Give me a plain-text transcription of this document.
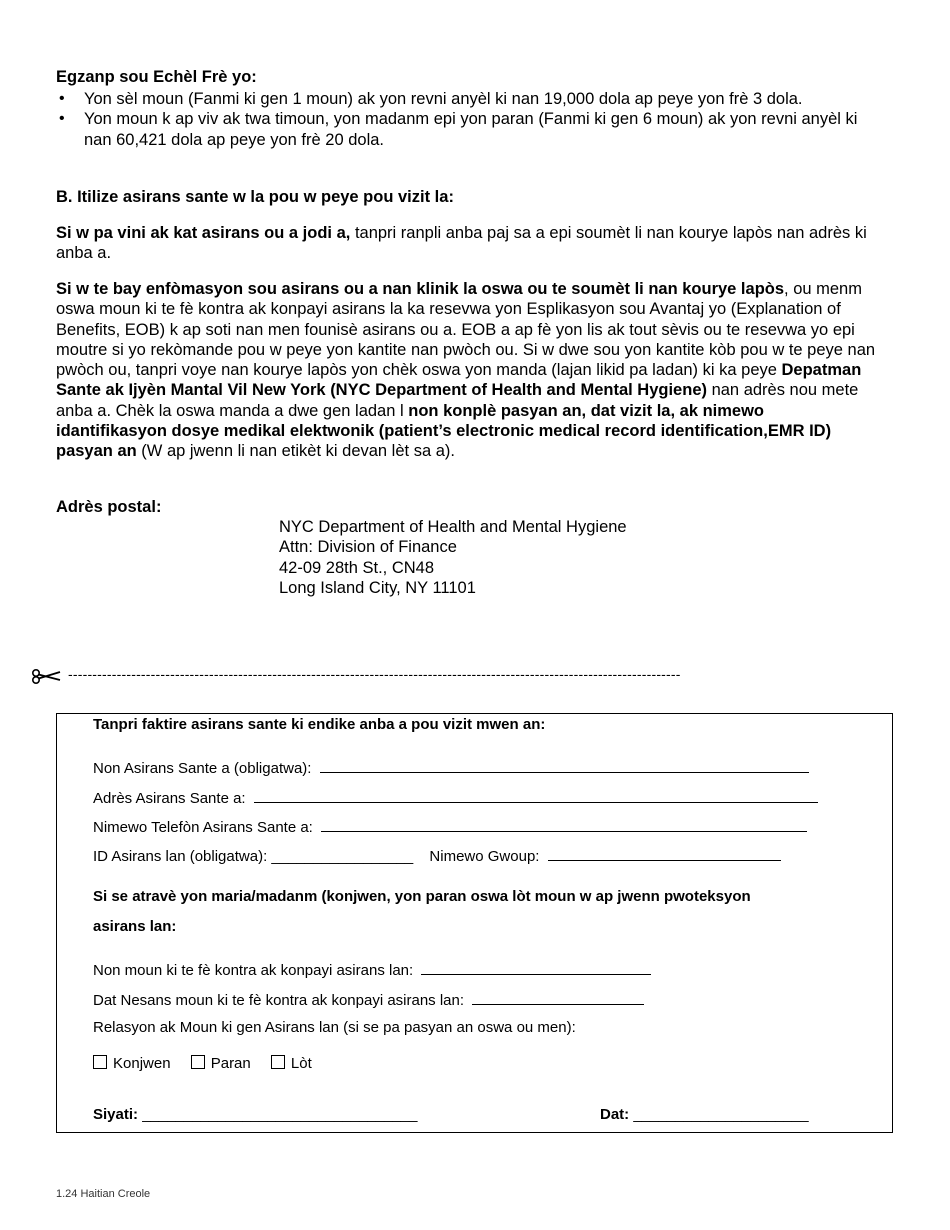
Egzanp sou Echèl Frè yo:
• Yon sèl moun (Fanmi ki gen 1 moun) ak yon revni anyèl ki nan 19,000 dola ap peye yon frè 3 dola.
• Yon moun k ap viv ak twa timoun, yon madanm epi yon paran (Fanmi ki gen 6 moun) ak yon revni anyèl ki nan 60,421 dola ap peye yon frè 20 dola.
B. Itilize asirans sante w la pou w peye pou vizit la:

Si w pa vini ak kat asirans ou a jodi a, tanpri ranpli anba paj sa a epi soumèt li nan kourye lapòs nan adrès ki anba a.

Si w te bay enfòmasyon sou asirans ou a nan klinik la oswa ou te soumèt li nan kourye lapòs, ou menm oswa moun ki te fè kontra ak konpayi asirans la ka resevwa yon Esplikasyon sou Avantaj yo (Explanation of Benefits, EOB) k ap soti nan men founisè asirans ou a. EOB a ap fè yon lis ak tout sèvis ou te resevwa yo epi moutre si yo rekòmande pou w peye yon kantite nan pwòch ou. Si w dwe sou yon kantite kòb pou w te peye nan pwòch ou, tanpri voye nan kourye lapòs yon chèk oswa yon manda (lajan likid pa ladan) ki ka peye Depatman Sante ak Ijyèn Mantal Vil New York (NYC Department of Health and Mental Hygiene) nan adrès nou mete anba a. Chèk la oswa manda a dwe gen ladan l non konplè pasyan an, dat vizit la, ak nimewo idantifikasyon dosye medikal elektwonik (patient’s electronic medical record identification,EMR ID) pasyan an (W ap jwenn li nan etikèt ki devan lèt sa a).

Adrès postal:
NYC Department of Health and Mental Hygiene
Attn: Division of Finance
42-09 28th St., CN48
Long Island City, NY 11101
------------------------------------------------------------------------------------------------------------------------------
Tanpri faktire asirans sante ki endike anba a pou vizit mwen an:
Non Asirans Sante a (obligatwa):
Adrès Asirans Sante a:
Nimewo Telefòn Asirans Sante a:
ID Asirans lan (obligatwa): _________________ Nimewo Gwoup:
Si se atravè yon maria/madanm (konjwen, yon paran oswa lòt moun w ap jwenn pwoteksyon
asirans lan:
Non moun ki te fè kontra ak konpayi asirans lan:
Dat Nesans moun ki te fè kontra ak konpayi asirans lan:
Relasyon ak Moun ki gen Asirans lan (si se pa pasyan an oswa ou men):
Konjwen	Paran	Lòt
Siyati: _________________________________	Dat: _____________________
1.24 Haitian Creole
